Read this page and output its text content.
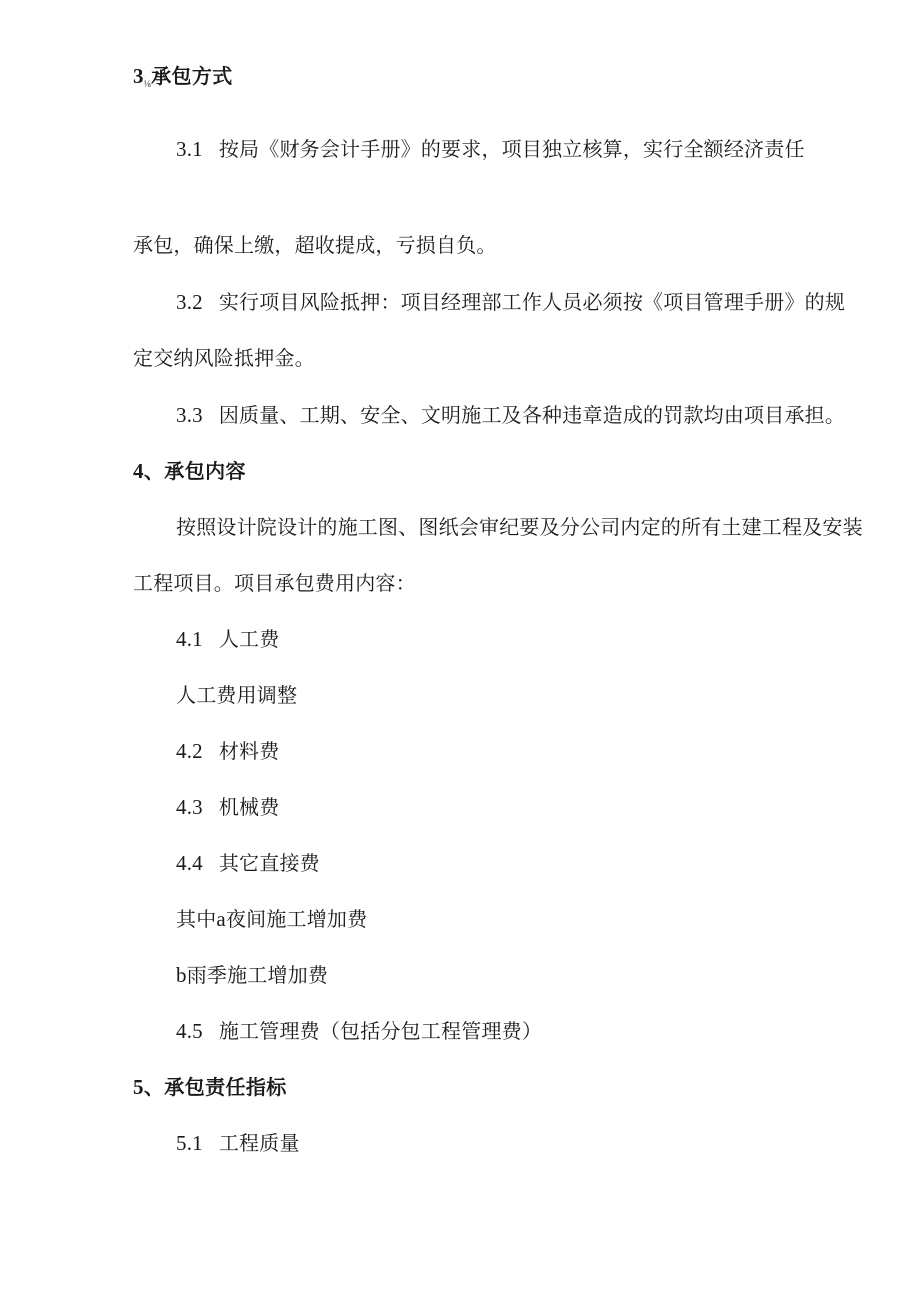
$3_{\frac{1}{8}}$承包方式
3.1 按局《财务会计手册》的要求，项目独立核算，实行全额经济责任
承包，确保上缴，超收提成，亏损自负。
3.2 实行项目风险抵押：项目经理部工作人员必须按《项目管理手册》的规
定交纳风险抵押金。
3.3 因质量、工期、安全、文明施工及各种违章造成的罚款均由项目承担。
4、承包内容
按照设计院设计的施工图、图纸会审纪要及分公司内定的所有土建工程及安装
工程项目。项目承包费用内容：
4.1 人工费
人工费用调整
4.2 材料费
4.3 机械费
4.4 其它直接费
其中a夜间施工增加费
b雨季施工增加费
4.5 施工管理费（包括分包工程管理费）
5、承包责任指标
5.1 工程质量
